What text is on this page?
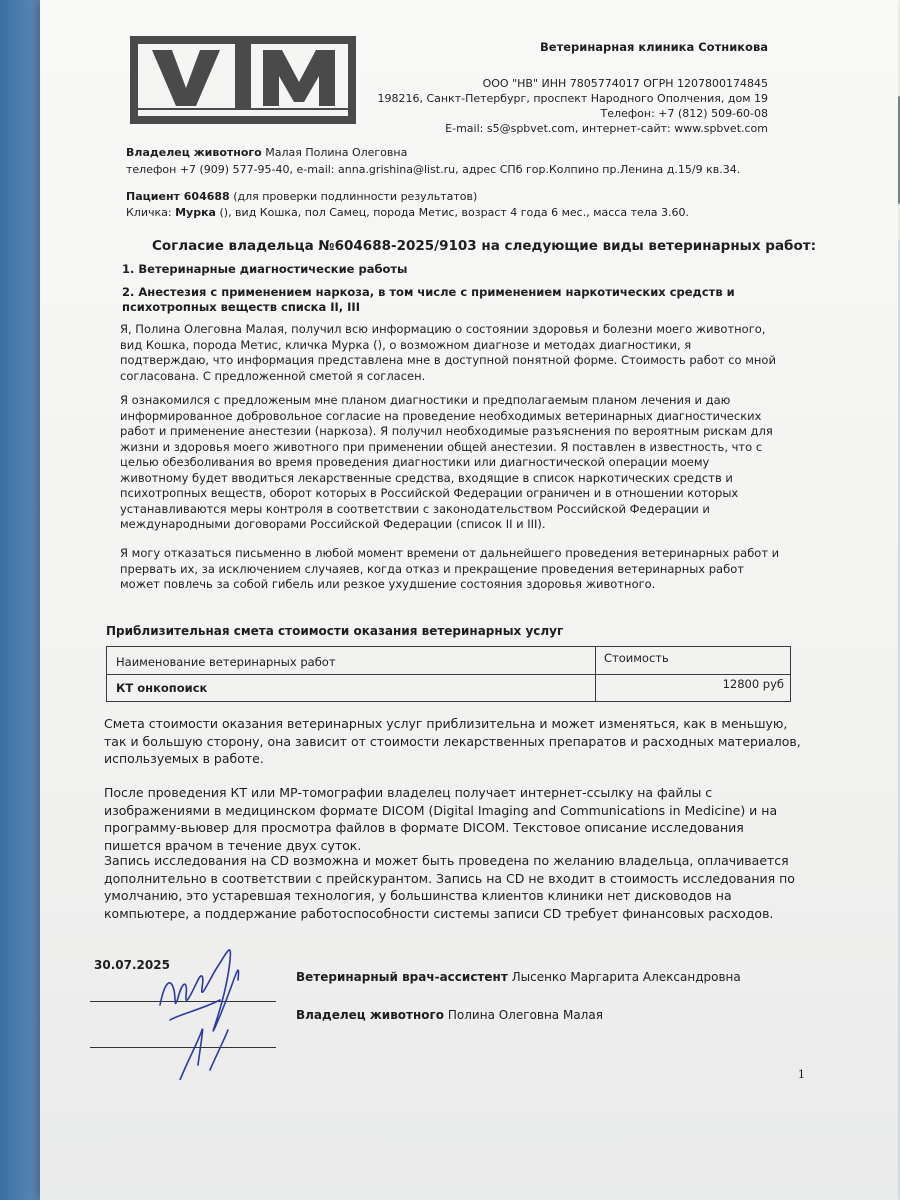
Ветеринарная клиника Сотникова
ООО "НВ" ИНН 7805774017 ОГРН 1207800174845
198216, Санкт-Петербург, проспект Народного Ополчения, дом 19
Телефон: +7 (812) 509-60-08
E-mail: s5@spbvet.com, интернет-сайт: www.spbvet.com
Владелец животного Малая Полина Олеговна
телефон +7 (909) 577-95-40, e-mail: anna.grishina@list.ru, адрес СПб гор.Колпино пр.Ленина д.15/9 кв.34.
Пациент 604688 (для проверки подлинности результатов)
Кличка: Мурка (), вид Кошка, пол Самец, порода Метис, возраст 4 года 6 мес., масса тела 3.60.
Согласие владельца №604688-2025/9103 на следующие виды ветеринарных работ:
1. Ветеринарные диагностические работы
2. Анестезия с применением наркоза, в том числе с применением наркотических средств и
психотропных веществ списка II, III

Я, Полина Олеговна Малая, получил всю информацию о состоянии здоровья и болезни моего животного, вид Кошка, порода Метис, кличка Мурка (), о возможном диагнозе и методах диагностики, я подтверждаю, что информация представлена мне в доступной понятной форме. Стоимость работ со мной согласована. С предложенной сметой я согласен.

Я ознакомился с предложеным мне планом диагностики и предполагаемым планом лечения и даю информированное добровольное согласие на проведение необходимых ветеринарных диагностических работ и применение анестезии (наркоза). Я получил необходимые разъяснения по вероятным рискам для жизни и здоровья моего животного при применении общей анестезии. Я поставлен в известность, что с целью обезболивания во время проведения диагностики или диагностической операции моему животному будет вводиться лекарственные средства, входящие в список наркотических средств и психотропных веществ, оборот которых в Российской Федерации ограничен и в отношении которых устанавливаются меры контроля в соответствии с законодательством Российской Федерации и международными договорами Российской Федерации (список II и III).

Я могу отказаться письменно в любой момент времени от дальнейшего проведения ветеринарных работ и прервать их, за исключением случаяев, когда отказ и прекращение проведения ветеринарных работ может повлечь за собой гибель или резкое ухудшение состояния здоровья животного.

Приблизительная смета стоимости оказания ветеринарных услуг
Наименование ветеринарных работ	Стоимость
КТ онкопоиск	12800 руб

Смета стоимости оказания ветеринарных услуг приблизительна и может изменяться, как в меньшую, так и большую сторону, она зависит от стоимости лекарственных препаратов и расходных материалов, используемых в работе.

После проведения КТ или МР-томографии владелец получает интернет-ссылку на файлы с изображениями в медицинском формате DICOM (Digital Imaging and Communications in Medicine) и на программу-вьювер для просмотра файлов в формате DICOM. Текстовое описание исследования пишется врачом в течение двух суток.

Запись исследования на CD возможна и может быть проведена по желанию владельца, оплачивается дополнительно в соответствии с прейскурантом. Запись на CD не входит в стоимость исследования по умолчанию, это устаревшая технология, у большинства клиентов клиники нет дисководов на компьютере, а поддержание работоспособности системы записи CD требует финансовых расходов.

30.07.2025
Ветеринарный врач-ассистент Лысенко Маргарита Александровна
Владелец животного Полина Олеговна Малая
1
